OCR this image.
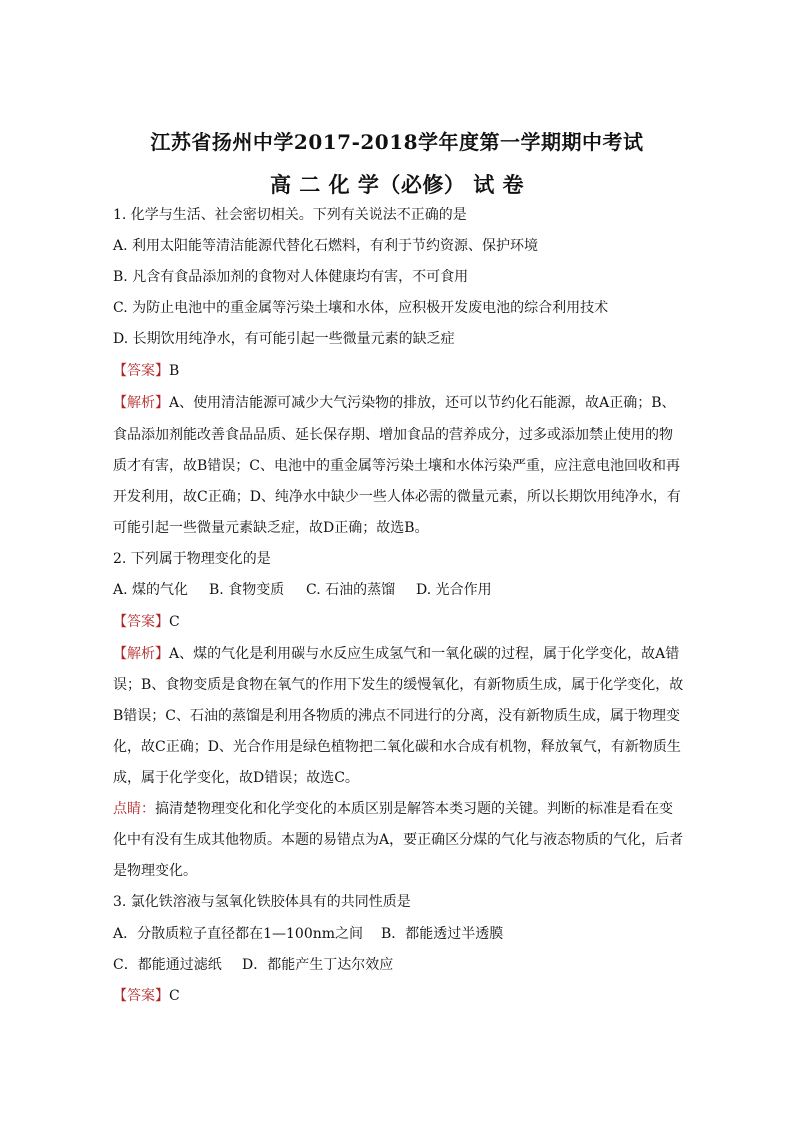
江苏省扬州中学2017-2018学年度第一学期期中考试
高 二 化 学（必修） 试 卷
1. 化学与生活、社会密切相关。下列有关说法不正确的是
A. 利用太阳能等清洁能源代替化石燃料，有利于节约资源、保护环境
B. 凡含有食品添加剂的食物对人体健康均有害，不可食用
C. 为防止电池中的重金属等污染土壤和水体，应积极开发废电池的综合利用技术
D. 长期饮用纯净水，有可能引起一些微量元素的缺乏症
【答案】B
【解析】A、使用清洁能源可减少大气污染物的排放，还可以节约化石能源，故A正确；B、
食品添加剂能改善食品品质、延长保存期、增加食品的营养成分，过多或添加禁止使用的物
质才有害，故B错误；C、电池中的重金属等污染土壤和水体污染严重，应注意电池回收和再
开发利用，故C正确；D、纯净水中缺少一些人体必需的微量元素，所以长期饮用纯净水，有
可能引起一些微量元素缺乏症，故D正确；故选B。
2. 下列属于物理变化的是
A. 煤的气化 B. 食物变质 C. 石油的蒸馏 D. 光合作用
【答案】C
【解析】A、煤的气化是利用碳与水反应生成氢气和一氧化碳的过程，属于化学变化，故A错
误；B、食物变质是食物在氧气的作用下发生的缓慢氧化，有新物质生成，属于化学变化，故
B错误；C、石油的蒸馏是利用各物质的沸点不同进行的分离，没有新物质生成，属于物理变
化，故C正确；D、光合作用是绿色植物把二氧化碳和水合成有机物，释放氧气，有新物质生
成，属于化学变化，故D错误；故选C。
点睛：搞清楚物理变化和化学变化的本质区别是解答本类习题的关键。判断的标准是看在变
化中有没有生成其他物质。本题的易错点为A，要正确区分煤的气化与液态物质的气化，后者
是物理变化。
3. 氯化铁溶液与氢氧化铁胶体具有的共同性质是
A．分散质粒子直径都在1—100nm之间 B．都能透过半透膜
C．都能通过滤纸 D．都能产生丁达尔效应
【答案】C
